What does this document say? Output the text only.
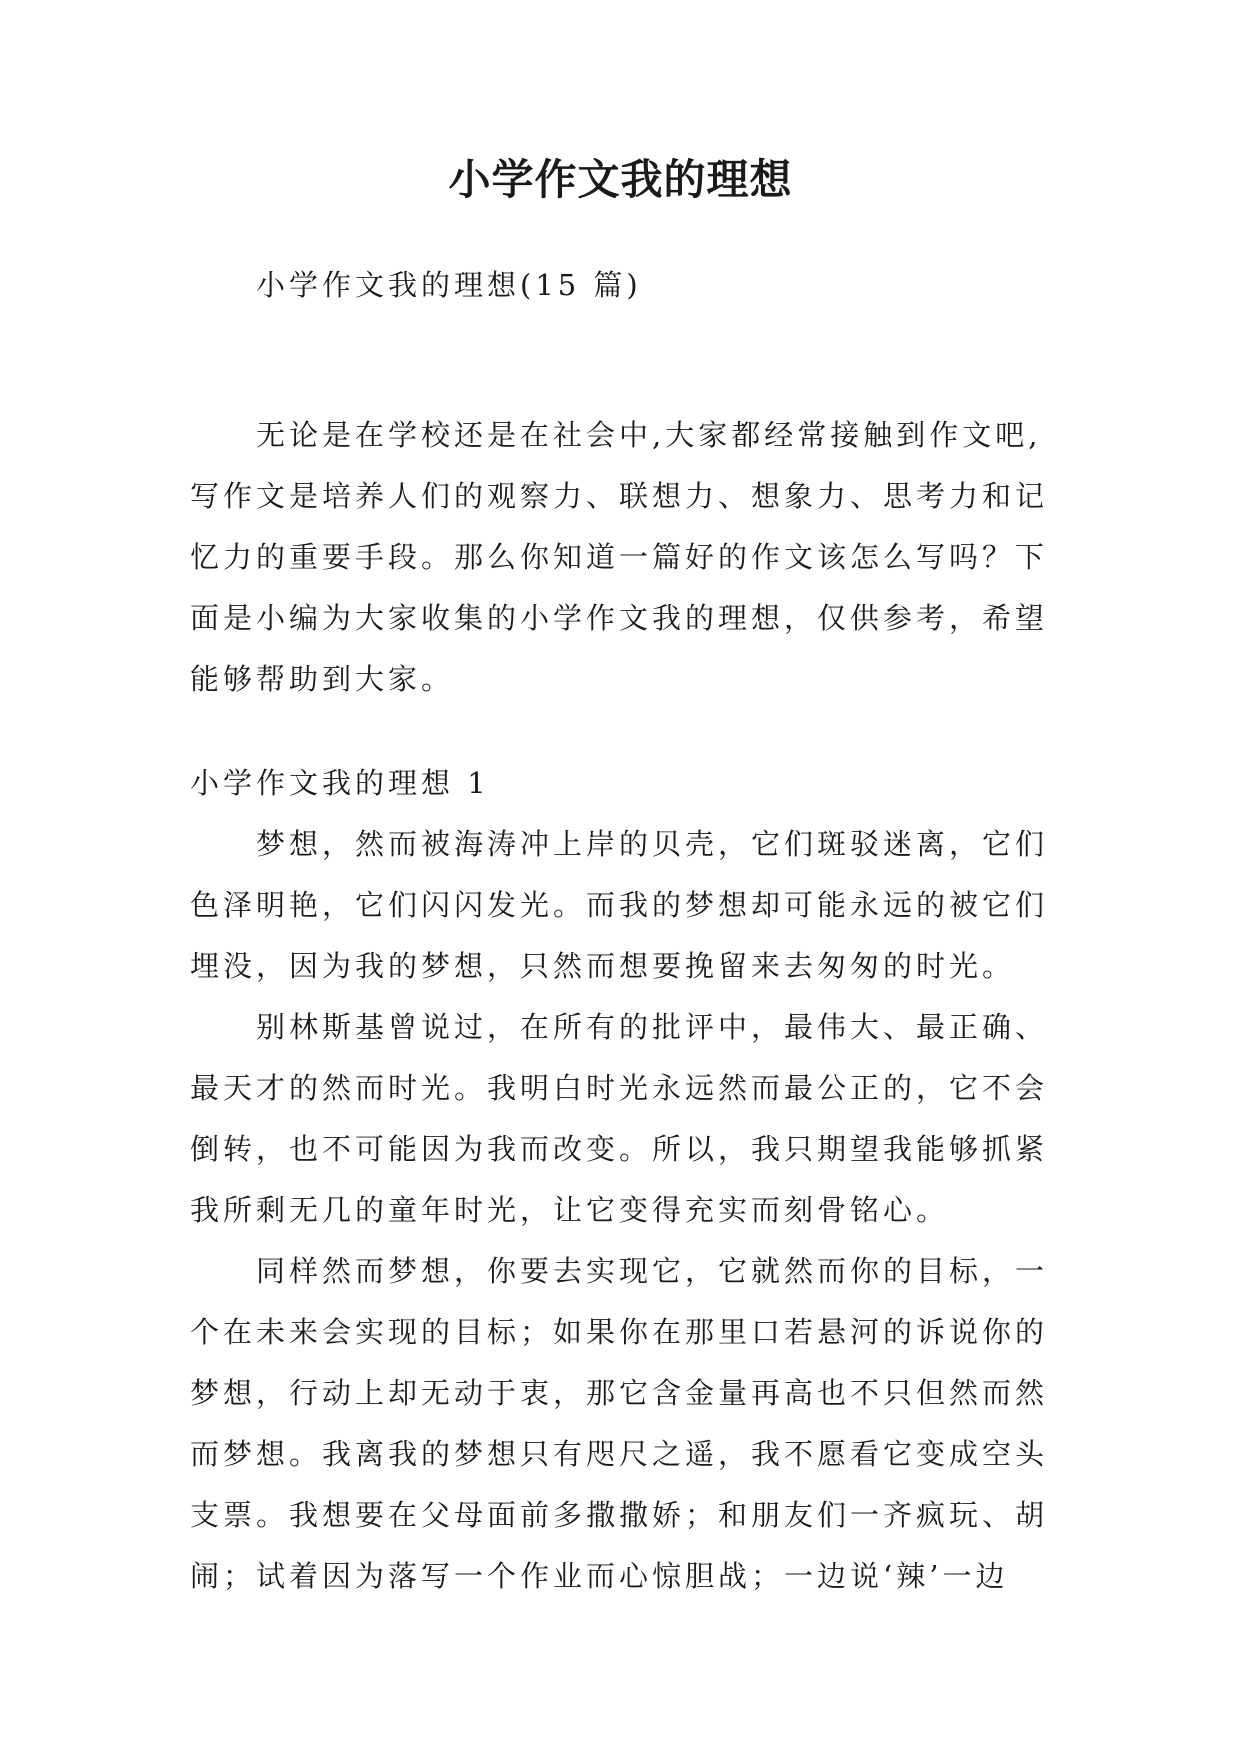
小学作文我的理想
小学作文我的理想(15 篇)
无论是在学校还是在社会中,大家都经常接触到作文吧,
写作文是培养人们的观察力、联想力、想象力、思考力和记
忆力的重要手段。那么你知道一篇好的作文该怎么写吗？下
面是小编为大家收集的小学作文我的理想，仅供参考，希望
能够帮助到大家。
小学作文我的理想 1
梦想，然而被海涛冲上岸的贝壳，它们斑驳迷离，它们
色泽明艳，它们闪闪发光。而我的梦想却可能永远的被它们
埋没，因为我的梦想，只然而想要挽留来去匆匆的时光。
别林斯基曾说过，在所有的批评中，最伟大、最正确、
最天才的然而时光。我明白时光永远然而最公正的，它不会
倒转，也不可能因为我而改变。所以，我只期望我能够抓紧
我所剩无几的童年时光，让它变得充实而刻骨铭心。
同样然而梦想，你要去实现它，它就然而你的目标，一
个在未来会实现的目标；如果你在那里口若悬河的诉说你的
梦想，行动上却无动于衷，那它含金量再高也不只但然而然
而梦想。我离我的梦想只有咫尺之遥，我不愿看它变成空头
支票。我想要在父母面前多撒撒娇；和朋友们一齐疯玩、胡
闹；试着因为落写一个作业而心惊胆战；一边说‘辣’一边
